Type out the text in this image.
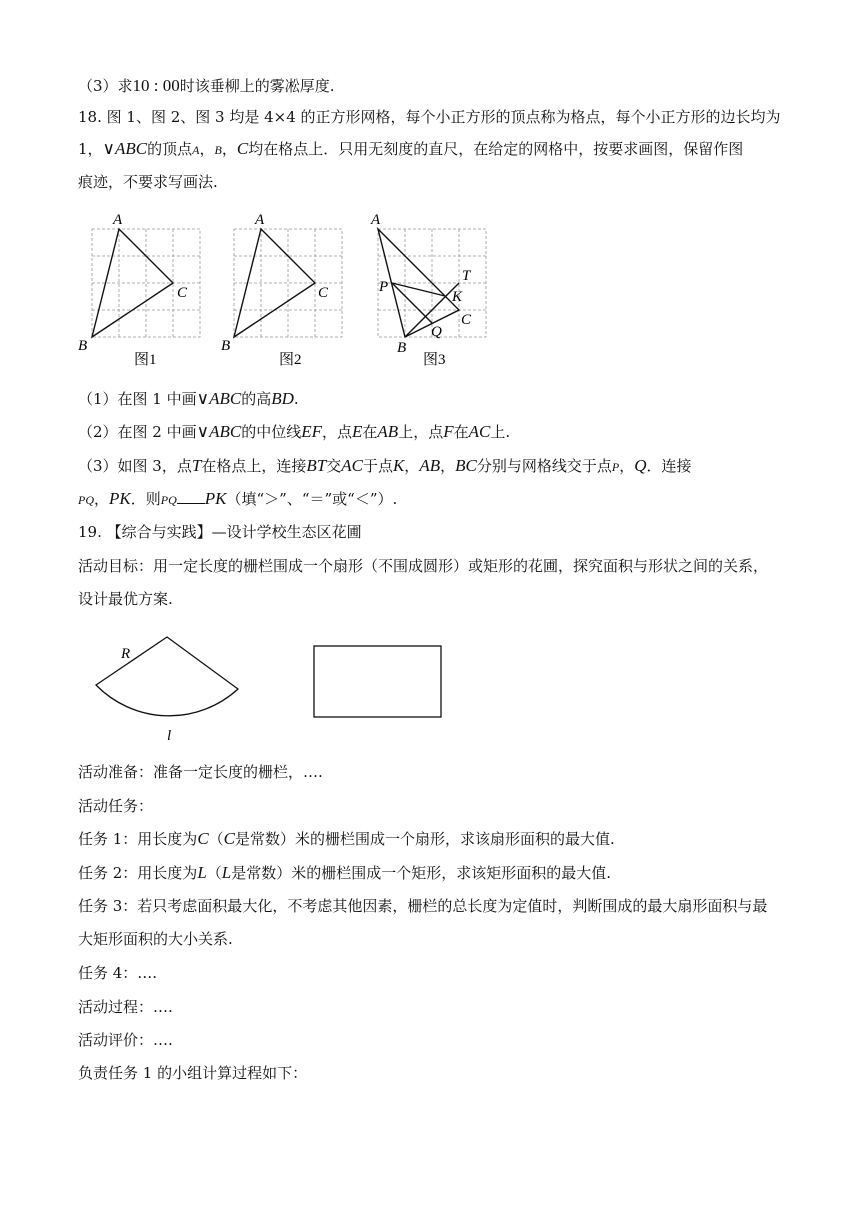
（3）求10 : 00时该垂柳上的雾凇厚度.
18. 图 1、图 2、图 3 均是 4×4 的正方形网格，每个小正方形的顶点称为格点，每个小正方形的边长均为
1，∨ABC的顶点A，B，C均在格点上．只用无刻度的直尺，在给定的网格中，按要求画图，保留作图
痕迹，不要求写画法.
A
C
B
图1
A
C
B
图2
A
T
K
P
C
Q
B
图3
（1）在图 1 中画∨ABC的高BD.
（2）在图 2 中画∨ABC的中位线EF，点E在AB上，点F在AC上.
（3）如图 3，点T在格点上，连接BT交AC于点K，AB，BC分别与网格线交于点P，Q．连接
PQ，PK．则PQ PK（填“＞”、“＝”或“＜”）.
19. 【综合与实践】—设计学校生态区花圃
活动目标：用一定长度的栅栏围成一个扇形（不围成圆形）或矩形的花圃，探究面积与形状之间的关系，
设计最优方案.
R
l
活动准备：准备一定长度的栅栏，….
活动任务：
任务 1：用长度为C（C是常数）米的栅栏围成一个扇形，求该扇形面积的最大值.
任务 2：用长度为L（L是常数）米的栅栏围成一个矩形，求该矩形面积的最大值.
任务 3：若只考虑面积最大化，不考虑其他因素，栅栏的总长度为定值时，判断围成的最大扇形面积与最
大矩形面积的大小关系.
任务 4：….
活动过程：….
活动评价：….
负责任务 1 的小组计算过程如下：
